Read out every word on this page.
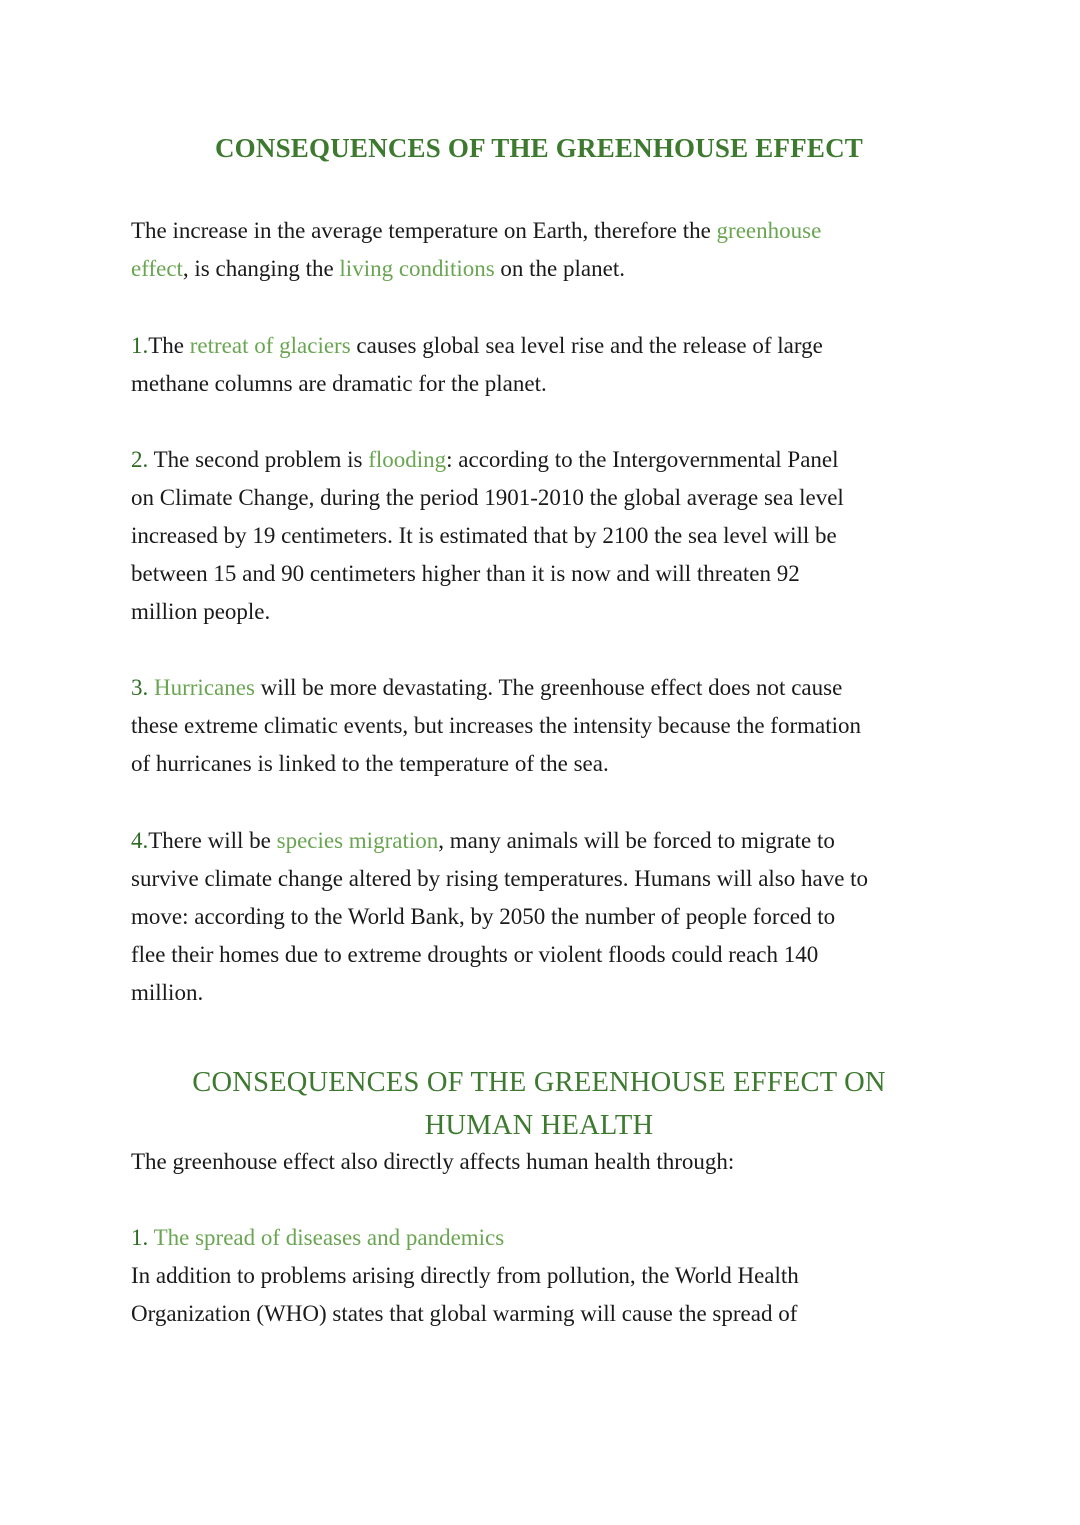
CONSEQUENCES OF THE GREENHOUSE EFFECT

The increase in the average temperature on Earth, therefore the greenhouse
effect, is changing the living conditions on the planet.

1.The retreat of glaciers causes global sea level rise and the release of large
methane columns are dramatic for the planet.

2. The second problem is flooding: according to the Intergovernmental Panel
on Climate Change, during the period 1901-2010 the global average sea level
increased by 19 centimeters. It is estimated that by 2100 the sea level will be
between 15 and 90 centimeters higher than it is now and will threaten 92
million people.

3. Hurricanes will be more devastating. The greenhouse effect does not cause
these extreme climatic events, but increases the intensity because the formation
of hurricanes is linked to the temperature of the sea.

4.There will be species migration, many animals will be forced to migrate to
survive climate change altered by rising temperatures. Humans will also have to
move: according to the World Bank, by 2050 the number of people forced to
flee their homes due to extreme droughts or violent floods could reach 140
million.

CONSEQUENCES OF THE GREENHOUSE EFFECT ON
HUMAN HEALTH

The greenhouse effect also directly affects human health through:

1. The spread of diseases and pandemics

In addition to problems arising directly from pollution, the World Health
Organization (WHO) states that global warming will cause the spread of
